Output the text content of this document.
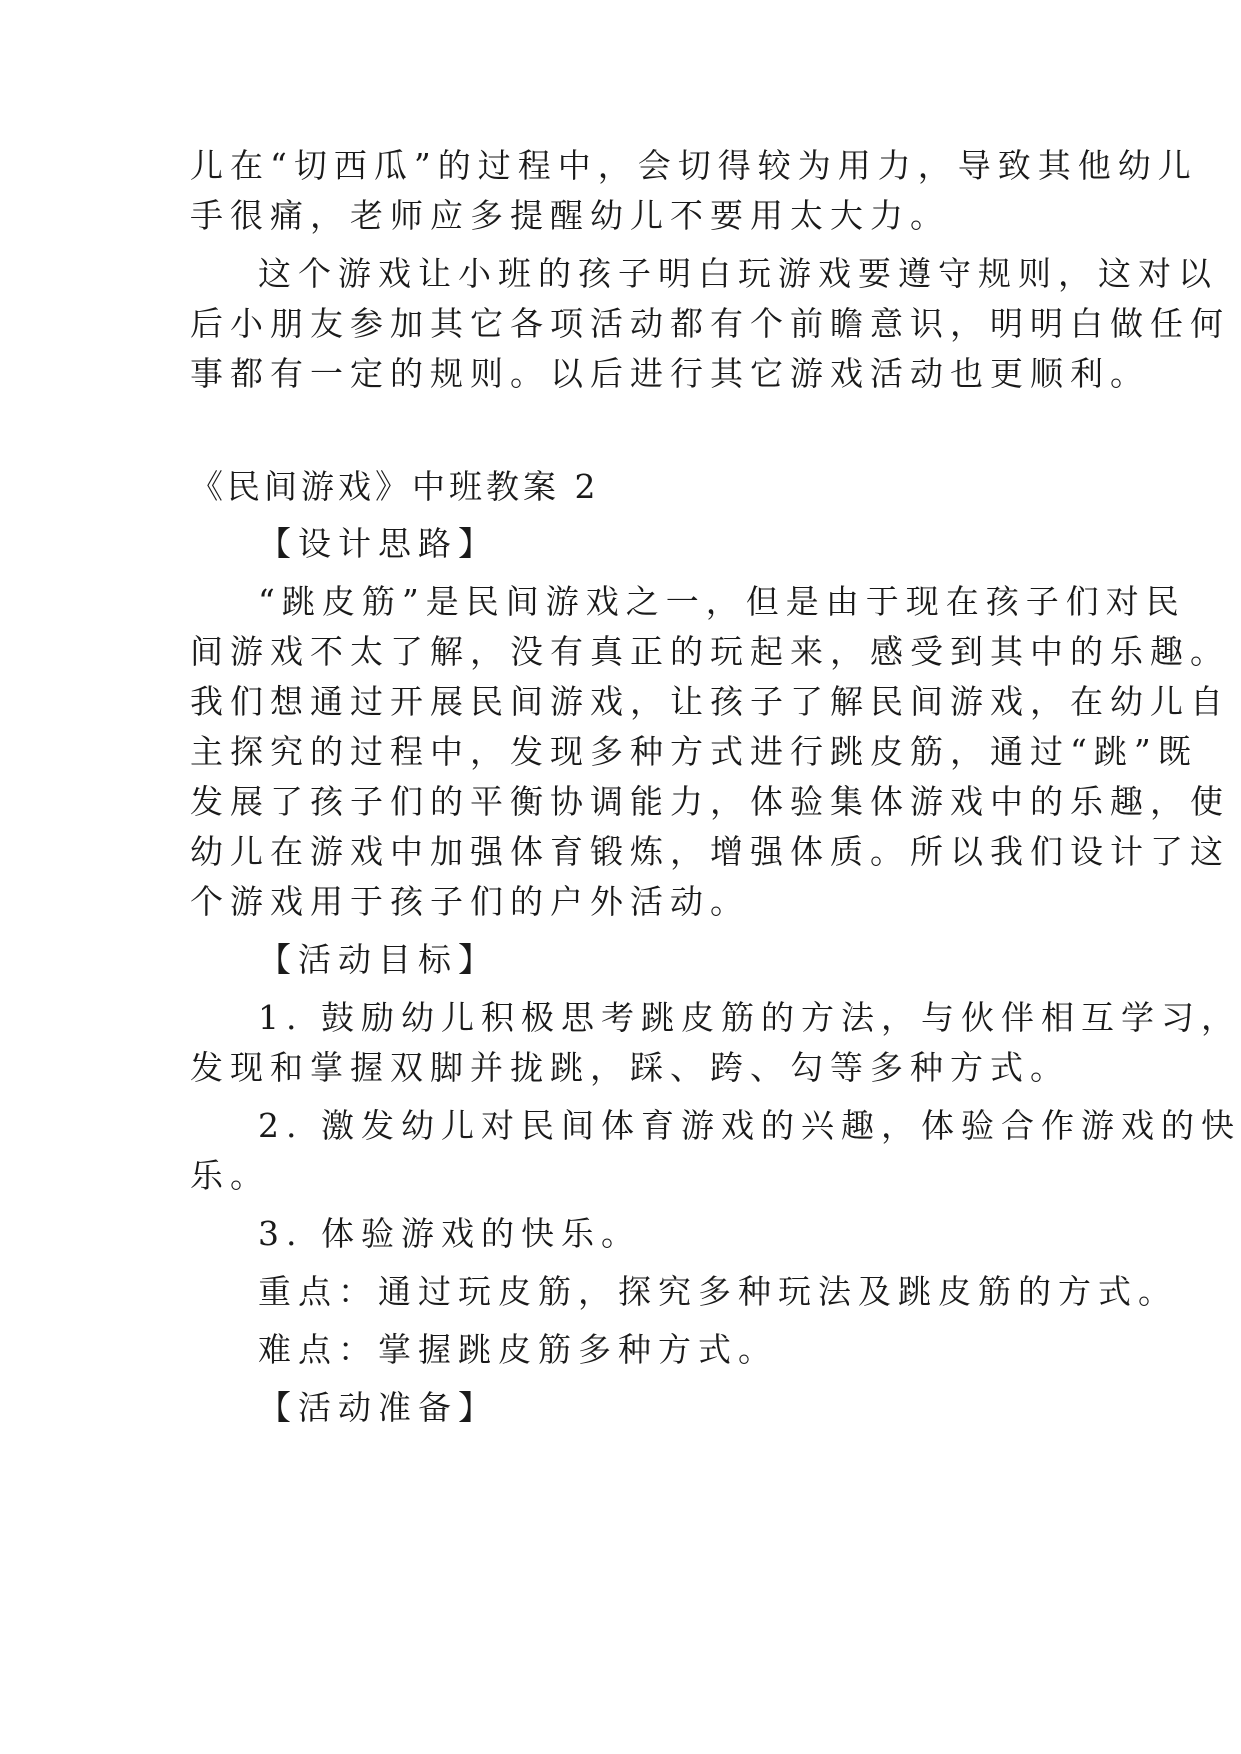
儿在“切西瓜”的过程中，会切得较为用力，导致其他幼儿
手很痛，老师应多提醒幼儿不要用太大力。
这个游戏让小班的孩子明白玩游戏要遵守规则，这对以
后小朋友参加其它各项活动都有个前瞻意识，明明白做任何
事都有一定的规则。以后进行其它游戏活动也更顺利。
《民间游戏》中班教案 2
【设计思路】
“跳皮筋”是民间游戏之一，但是由于现在孩子们对民
间游戏不太了解，没有真正的玩起来，感受到其中的乐趣。
我们想通过开展民间游戏，让孩子了解民间游戏，在幼儿自
主探究的过程中，发现多种方式进行跳皮筋，通过“跳”既
发展了孩子们的平衡协调能力，体验集体游戏中的乐趣，使
幼儿在游戏中加强体育锻炼，增强体质。所以我们设计了这
个游戏用于孩子们的户外活动。
【活动目标】
1. 鼓励幼儿积极思考跳皮筋的方法，与伙伴相互学习，
发现和掌握双脚并拢跳，踩、跨、勾等多种方式。
2. 激发幼儿对民间体育游戏的兴趣，体验合作游戏的快
乐。
3. 体验游戏的快乐。
重点：通过玩皮筋，探究多种玩法及跳皮筋的方式。
难点：掌握跳皮筋多种方式。
【活动准备】
